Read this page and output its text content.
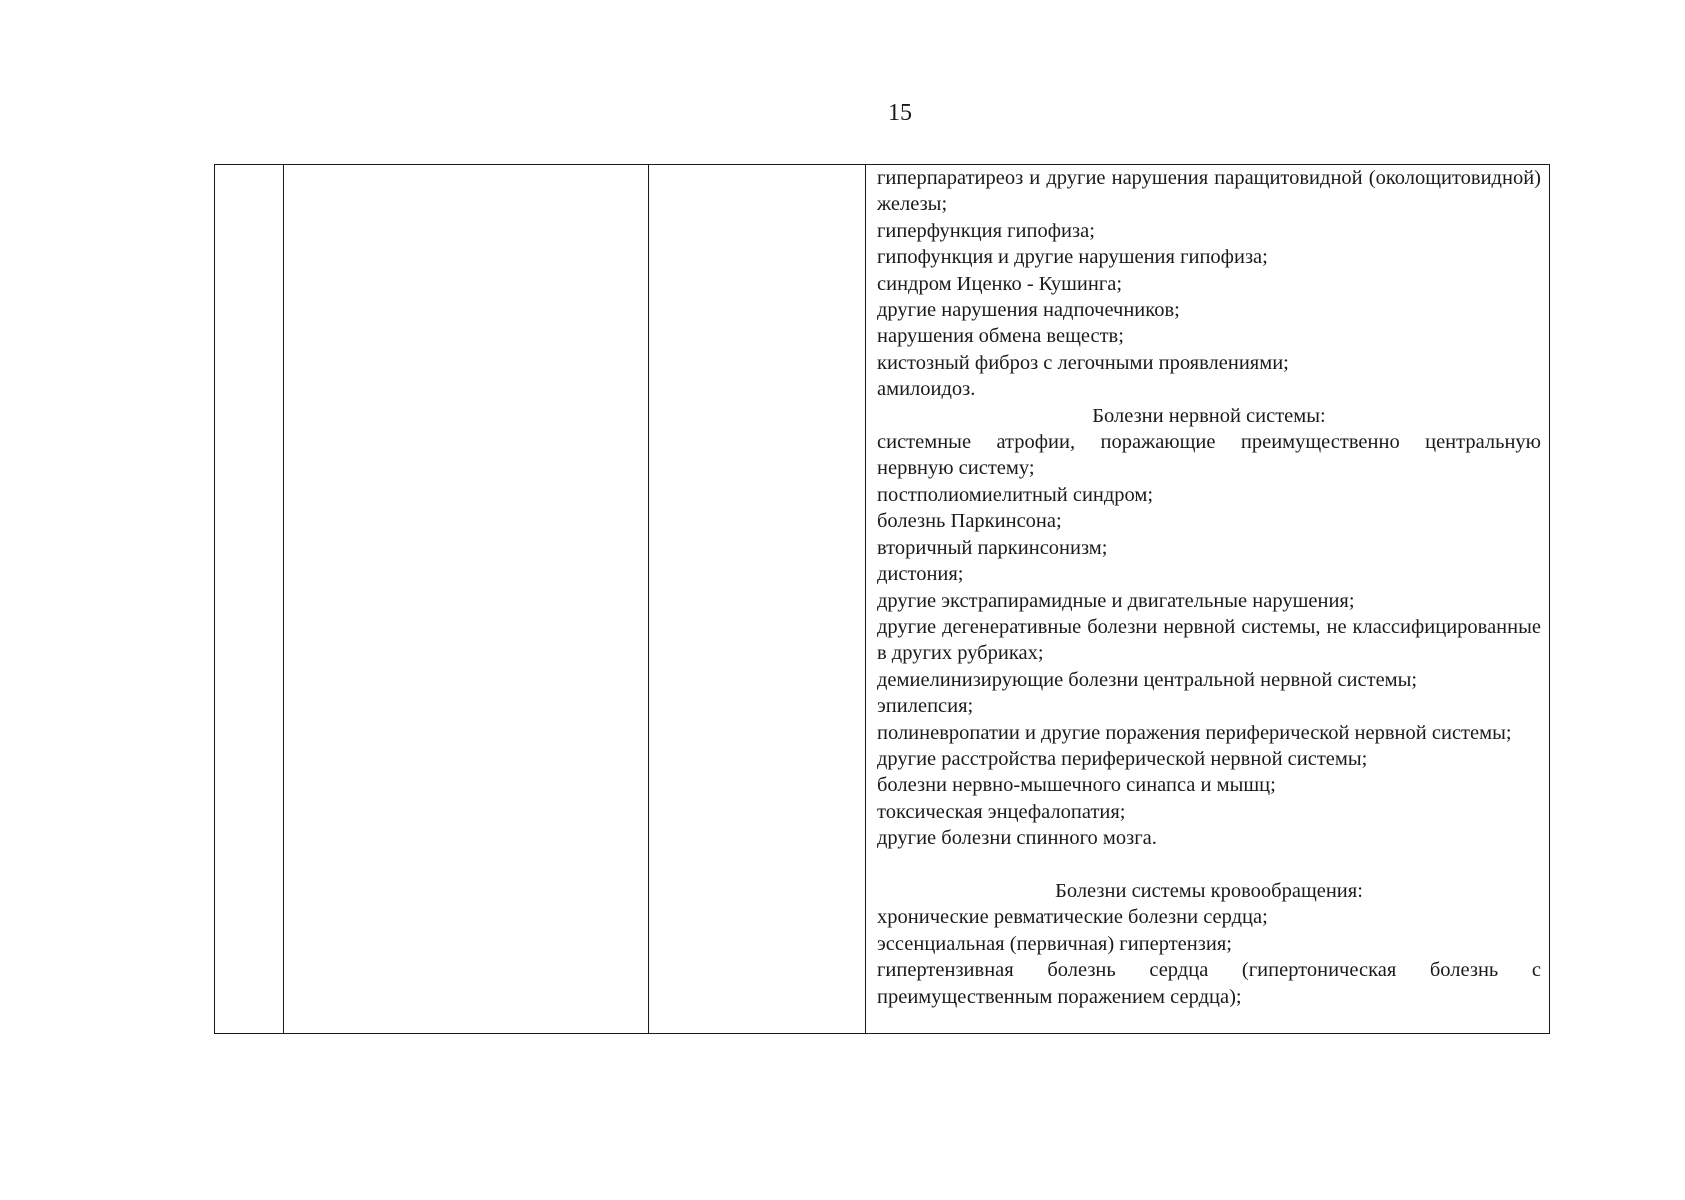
15
гиперпаратиреоз и другие нарушения паращитовидной (околощитовидной) железы;
гиперфункция гипофиза;
гипофункция и другие нарушения гипофиза;
синдром Иценко - Кушинга;
другие нарушения надпочечников;
нарушения обмена веществ;
кистозный фиброз с легочными проявлениями;
амилоидоз.
Болезни нервной системы:
системные атрофии, поражающие преимущественно центральную нервную систему;
постполиомиелитный синдром;
болезнь Паркинсона;
вторичный паркинсонизм;
дистония;
другие экстрапирамидные и двигательные нарушения;
другие дегенеративные болезни нервной системы, не классифицированные в других рубриках;
демиелинизирующие болезни центральной нервной системы;
эпилепсия;
полиневропатии и другие поражения периферической нервной системы;
другие расстройства периферической нервной системы;
болезни нервно-мышечного синапса и мышц;
токсическая энцефалопатия;
другие болезни спинного мозга.
Болезни системы кровообращения:
хронические ревматические болезни сердца;
эссенциальная (первичная) гипертензия;
гипертензивная болезнь сердца (гипертоническая болезнь с преимущественным поражением сердца);
